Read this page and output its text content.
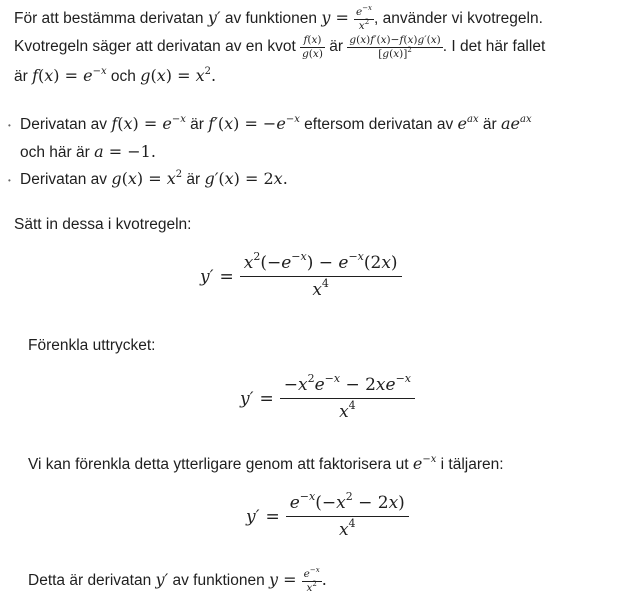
För att bestämma derivatan y′ av funktionen $y = \frac{e^{-x}}{x^2}$ , använder vi kvotregeln.
Kvotregeln säger att derivatan av en kvot $\frac{f(x)}{g(x)}$ är $\frac{g(x)f'(x)-f(x)g'(x)}{[g(x)]^2}$ . I det här fallet
är $f(x) = e^{-x}$ och $g(x) = x^2$.
• Derivatan av $f(x) = e^{-x}$ är $f'(x) = -e^{-x}$ eftersom derivatan av $e^{ax}$ är $ae^{ax}$
och här är a = −1.
• Derivatan av $g(x) = x^2$ är g′(x) = 2x.
Sätt in dessa i kvotregeln:
$y' = \frac{x^2(-e^{-x}) - e^{-x}(2x)}{x^4}$
Förenkla uttrycket:
$y' = \frac{-x^2e^{-x} - 2xe^{-x}}{x^4}$
Vi kan förenkla detta ytterligare genom att faktorisera ut $e^{-x}$ i täljaren:
$y' = \frac{e^{-x}(-x^2 - 2x)}{x^4}$
Detta är derivatan y′ av funktionen $y = \frac{e^{-x}}{x^2}$ .
